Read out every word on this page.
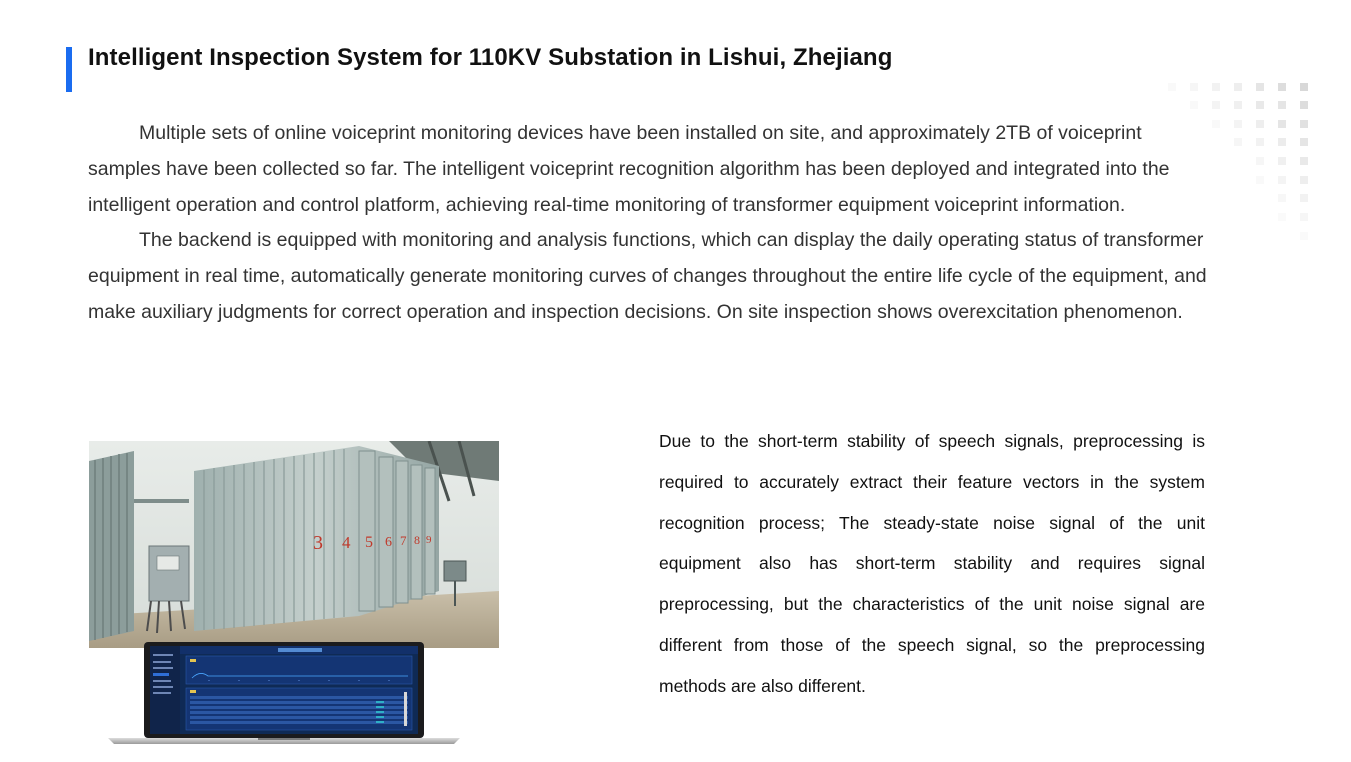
Intelligent Inspection System for 110KV Substation in Lishui, Zhejiang

Multiple sets of online voiceprint monitoring devices have been installed on site, and approximately 2TB of voiceprint samples have been collected so far. The intelligent voiceprint recognition algorithm has been deployed and integrated into the intelligent operation and control platform, achieving real-time monitoring of transformer equipment voiceprint information.

The backend is equipped with monitoring and analysis functions, which can display the daily operating status of transformer equipment in real time, automatically generate monitoring curves of changes throughout the entire life cycle of the equipment, and make auxiliary judgments for correct operation and inspection decisions. On site inspection shows overexcitation phenomenon.

Due to the short-term stability of speech signals, preprocessing is required to accurately extract their feature vectors in the system recognition process; The steady-state noise signal of the unit equipment also has short-term stability and requires signal preprocessing, but the characteristics of the unit noise signal are different from those of the speech signal, so the preprocessing methods are also different.
3 4 5 6 7 8 9
